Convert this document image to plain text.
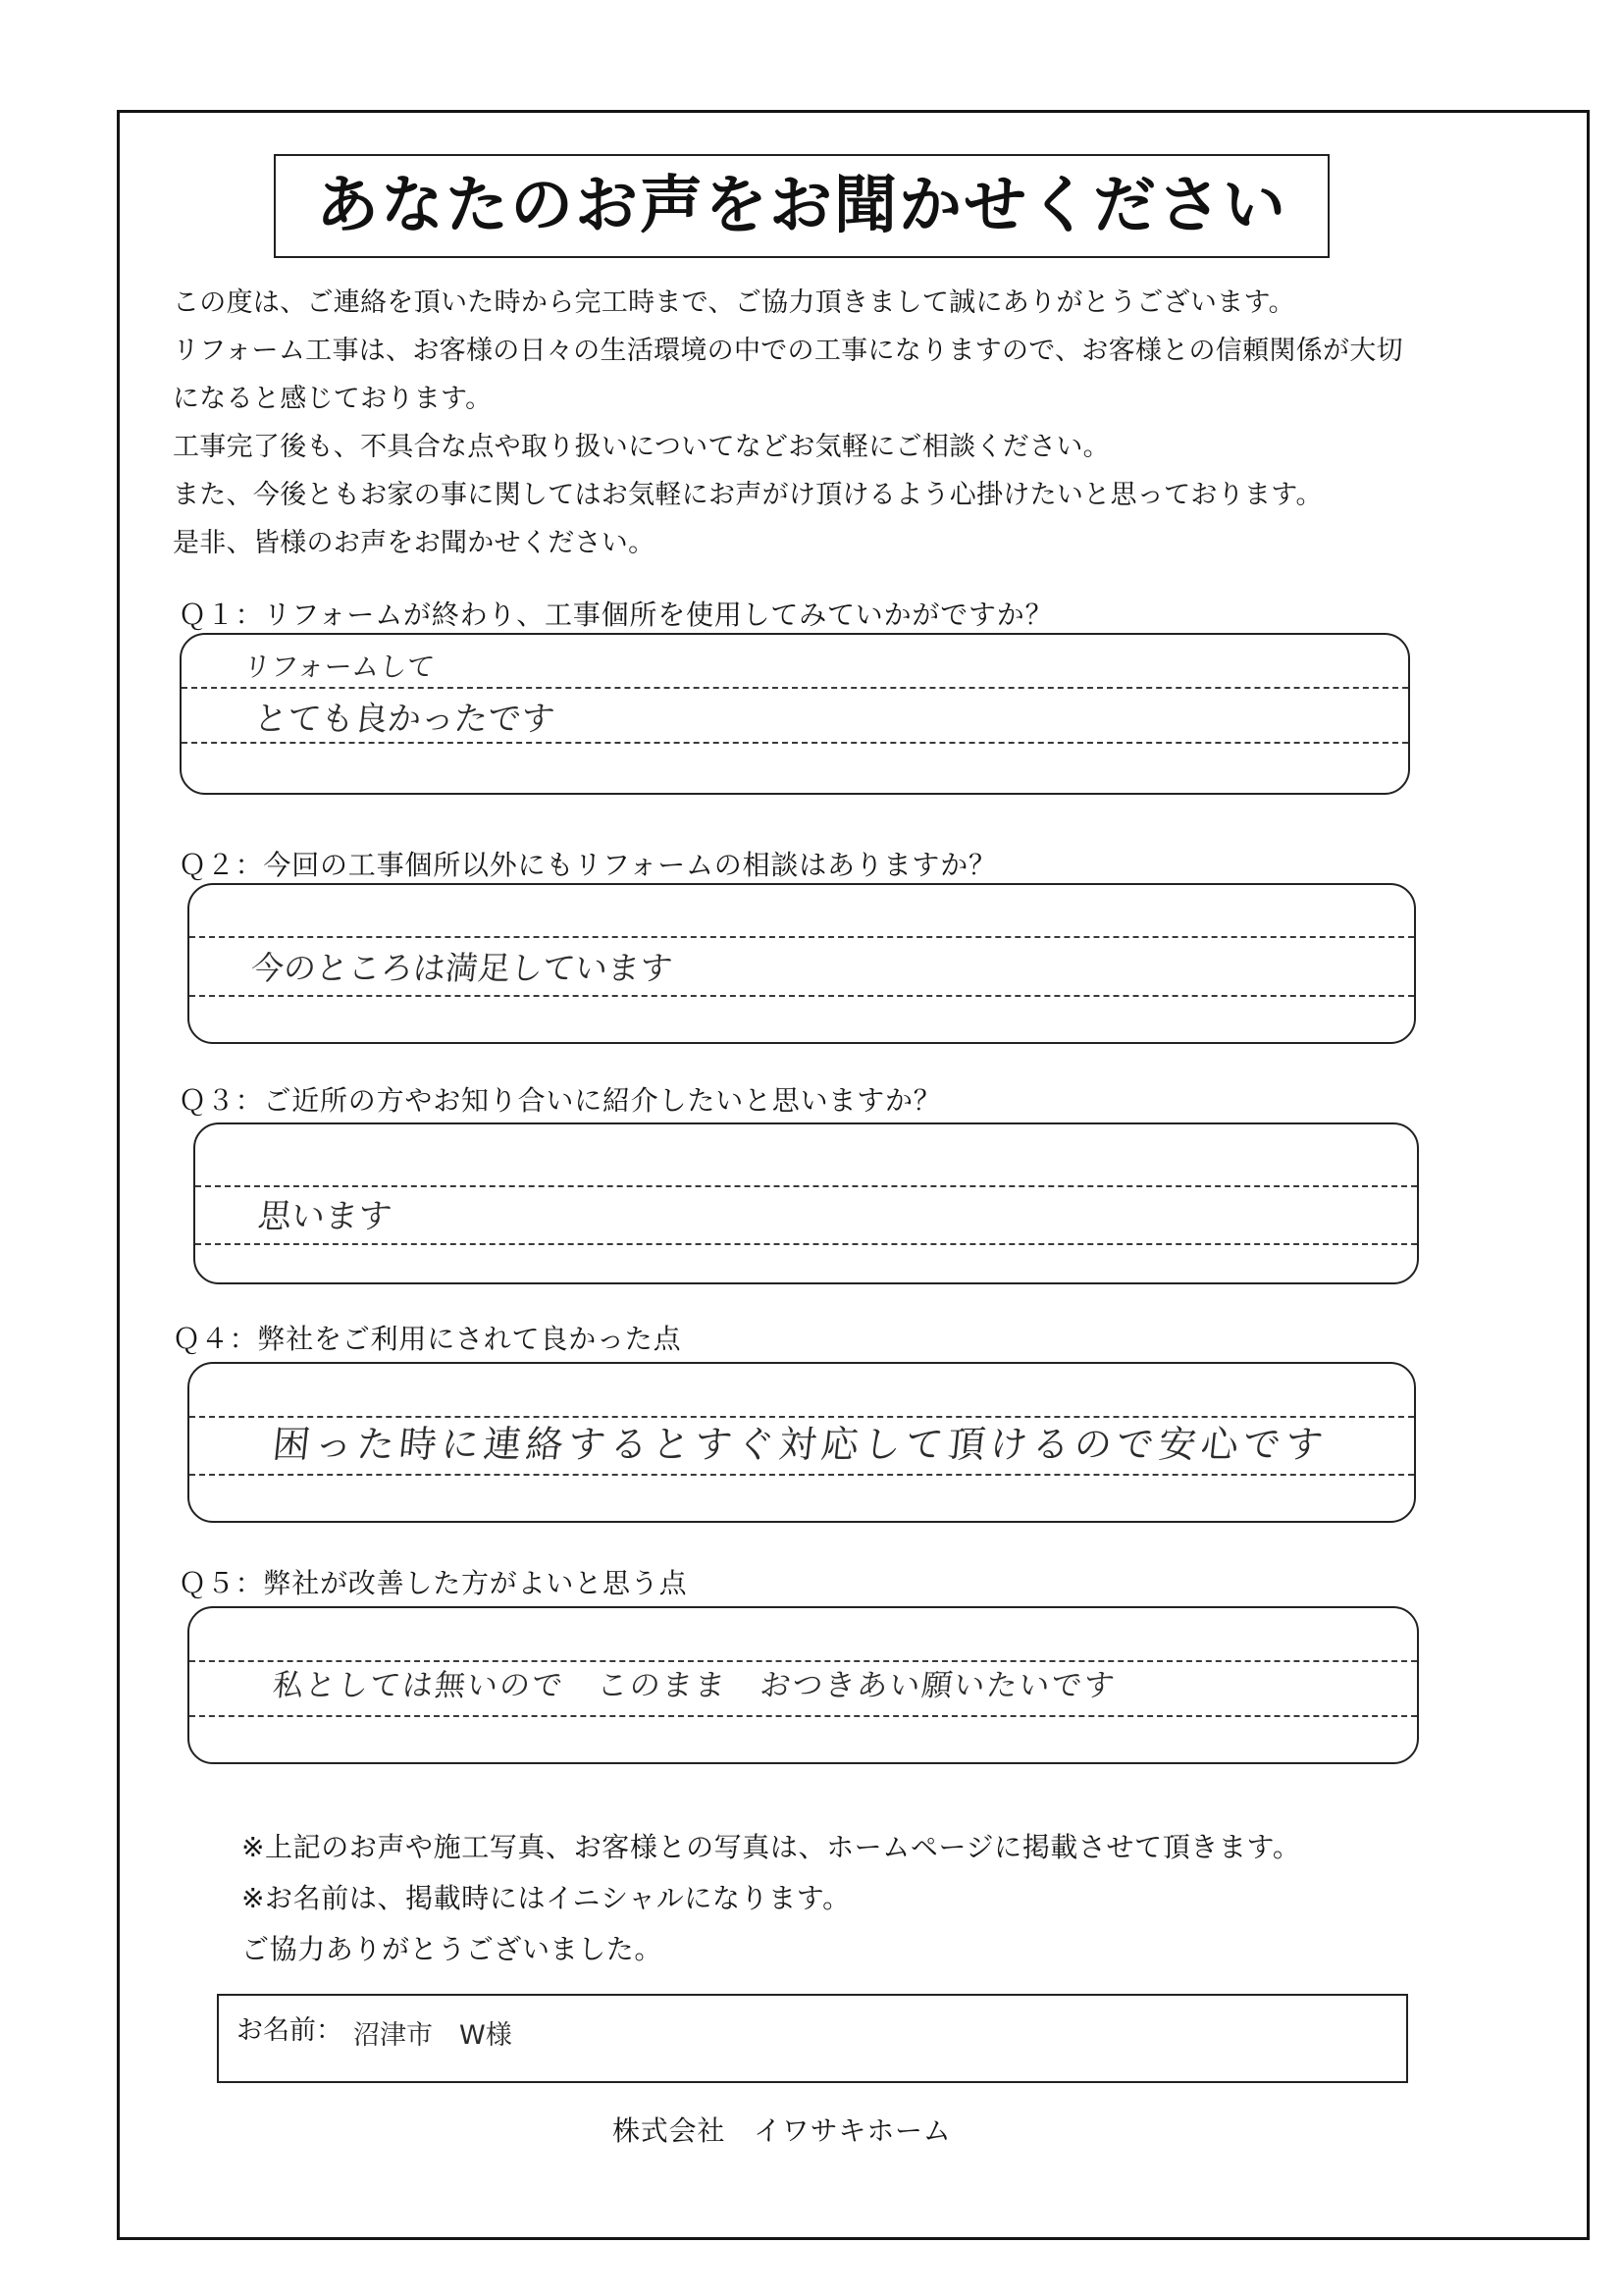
あなたのお声をお聞かせください
この度は、ご連絡を頂いた時から完工時まで、ご協力頂きまして誠にありがとうございます。
リフォーム工事は、お客様の日々の生活環境の中での工事になりますので、お客様との信頼関係が大切
になると感じております。
工事完了後も、不具合な点や取り扱いについてなどお気軽にご相談ください。
また、今後ともお家の事に関してはお気軽にお声がけ頂けるよう心掛けたいと思っております。
是非、皆様のお声をお聞かせください。
Ｑ１：リフォームが終わり、工事個所を使用してみていかがですか？
リフォームして
とても良かったです
Ｑ２：今回の工事個所以外にもリフォームの相談はありますか？
今のところは満足しています
Ｑ３：ご近所の方やお知り合いに紹介したいと思いますか？
思います
Ｑ４：弊社をご利用にされて良かった点
困った時に連絡するとすぐ対応して頂けるので安心です
Ｑ５：弊社が改善した方がよいと思う点
私としては無いので このまま おつきあい願いたいです
※上記のお声や施工写真、お客様との写真は、ホームページに掲載させて頂きます。
※お名前は、掲載時にはイニシャルになります。
ご協力ありがとうございました。
お名前： 沼津市　W様
株式会社　イワサキホーム
